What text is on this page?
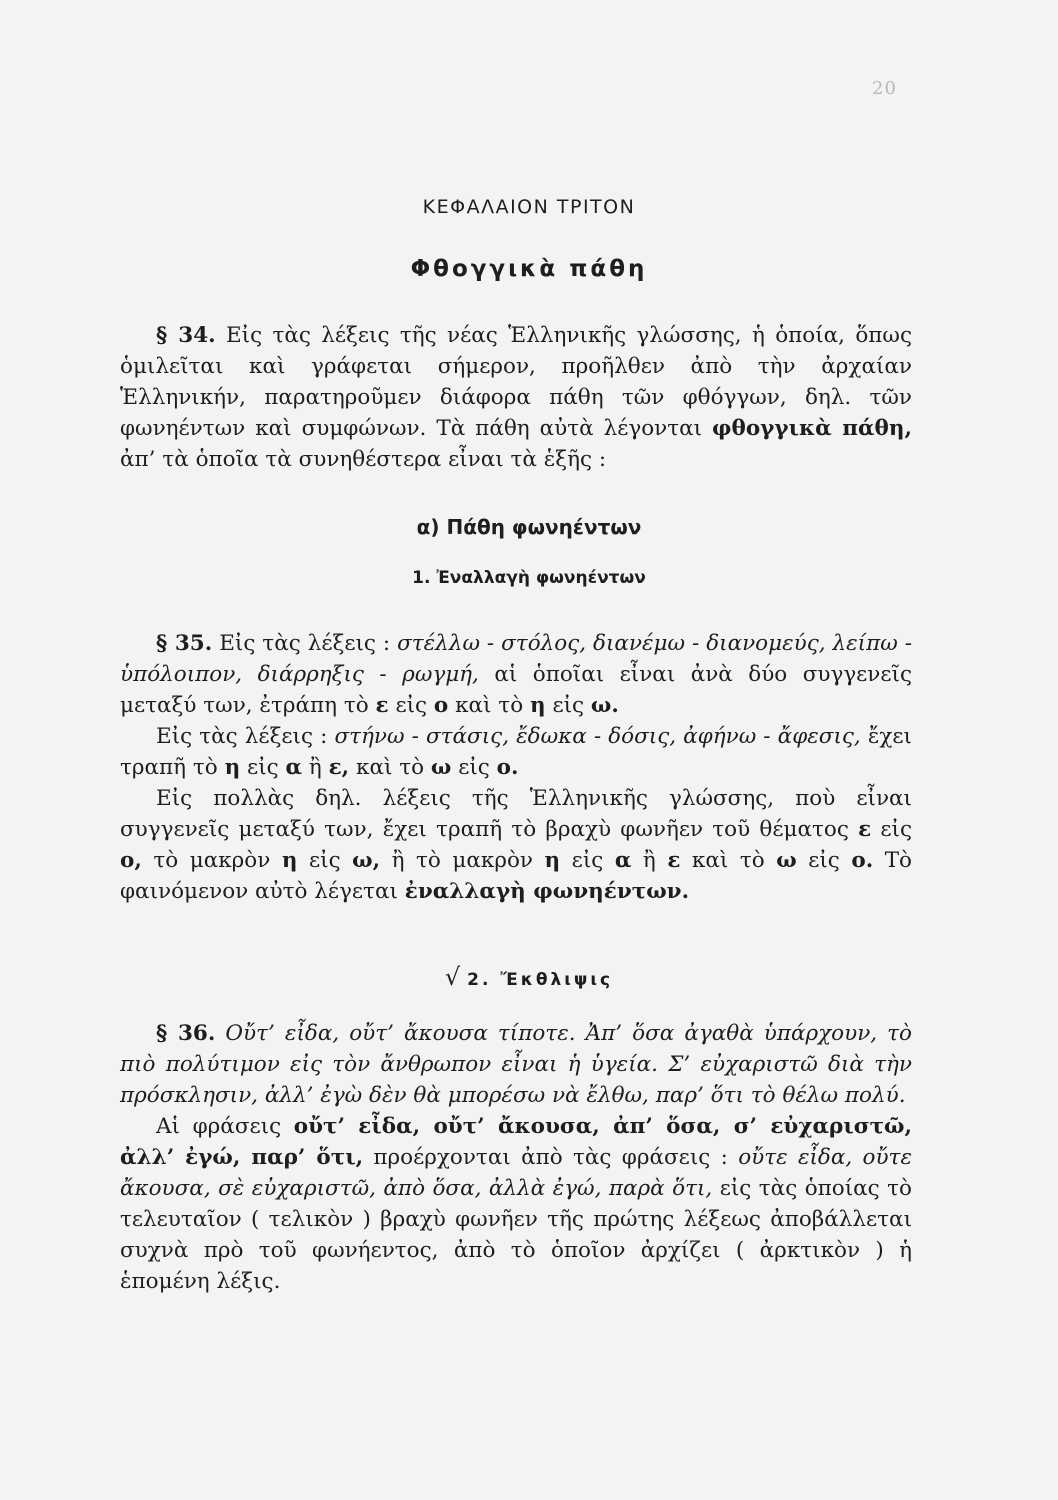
20
ΚΕΦΑΛΑΙΟΝ ΤΡΙΤΟΝ
Φθογγικὰ πάθη

§ 34. Εἰς τὰς λέξεις τῆς νέας Ἑλληνικῆς γλώσσης, ἡ ὁποία, ὅπως ὁμιλεῖται καὶ γράφεται σήμερον, προῆλθεν ἀπὸ τὴν ἀρχαίαν Ἑλληνικήν, παρατηροῦμεν διάφορα πάθη τῶν φθόγγων, δηλ. τῶν φωνηέντων καὶ συμφώνων. Τὰ πάθη αὐτὰ λέγονται φθογγικὰ πάθη, ἀπ’ τὰ ὁποῖα τὰ συνηθέστερα εἶναι τὰ ἑξῆς :

α) Πάθη φωνηέντων
1. Ἐναλλαγὴ φωνηέντων

§ 35. Εἰς τὰς λέξεις : στέλλω - στόλος, διανέμω - διανομεύς, λείπω - ὑπόλοιπον, διάρρηξις - ρωγμή, αἱ ὁποῖαι εἶναι ἀνὰ δύο συγγενεῖς μεταξύ των, ἐτράπη τὸ ε εἰς ο καὶ τὸ η εἰς ω.

Εἰς τὰς λέξεις : στήνω - στάσις, ἔδωκα - δόσις, ἀφήνω - ἄφεσις, ἔχει τραπῆ τὸ η εἰς α ἢ ε, καὶ τὸ ω εἰς ο.

Εἰς πολλὰς δηλ. λέξεις τῆς Ἑλληνικῆς γλώσσης, ποὺ εἶναι συγγενεῖς μεταξύ των, ἔχει τραπῆ τὸ βραχὺ φωνῆεν τοῦ θέματος ε εἰς ο, τὸ μακρὸν η εἰς ω, ἢ τὸ μακρὸν η εἰς α ἢ ε καὶ τὸ ω εἰς ο. Τὸ φαινόμενον αὐτὸ λέγεται ἐναλλαγὴ φωνηέντων.

√ 2. Ἔκθλιψις

§ 36. Οὔτ’ εἶδα, οὔτ’ ἄκουσα τίποτε. Ἀπ’ ὅσα ἀγαθὰ ὑπάρχουν, τὸ πιὸ πολύτιμον εἰς τὸν ἄνθρωπον εἶναι ἡ ὑγεία. Σ’ εὐχαριστῶ διὰ τὴν πρόσκλησιν, ἀλλ’ ἐγὼ δὲν θὰ μπορέσω νὰ ἔλθω, παρ’ ὅτι τὸ θέλω πολύ.

Αἱ φράσεις οὔτ’ εἶδα, οὔτ’ ἄκουσα, ἀπ’ ὅσα, σ’ εὐχαριστῶ, ἀλλ’ ἐγώ, παρ’ ὅτι, προέρχονται ἀπὸ τὰς φράσεις : οὔτε εἶδα, οὔτε ἄκουσα, σὲ εὐχαριστῶ, ἀπὸ ὅσα, ἀλλὰ ἐγώ, παρὰ ὅτι, εἰς τὰς ὁποίας τὸ τελευταῖον ( τελικὸν ) βραχὺ φωνῆεν τῆς πρώτης λέξεως ἀποβάλλεται συχνὰ πρὸ τοῦ φωνήεντος, ἀπὸ τὸ ὁποῖον ἀρχίζει ( ἀρκτικὸν ) ἡ ἑπομένη λέξις.
